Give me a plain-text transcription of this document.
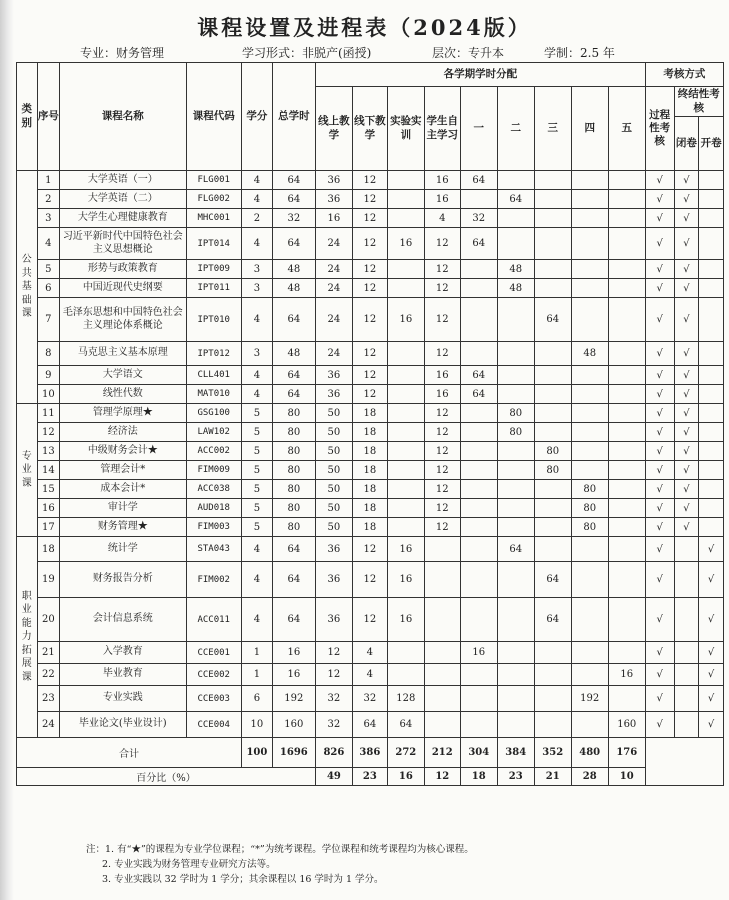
课程设置及进程表（2024版）
专业：财务管理	学习形式：非脱产(函授)	层次：专升本	学制：2.5 年
类别	序号	课程名称	课程代码	学分	总学时	各学期学时分配									考核方式		
						线上教学	线下教学	实验实训	学生自主学习	一	二	三	四	五	过程性考核	终结性考核	
																闭卷	开卷
公共基础课	1	大学英语（一）	FLG001	4	64	36	12		16	64					√	√	
	2	大学英语（二）	FLG002	4	64	36	12		16		64				√	√	
	3	大学生心理健康教育	MHC001	2	32	16	12		4	32					√	√	
	4	习近平新时代中国特色社会主义思想概论	IPT014	4	64	24	12	16	12	64					√	√	
	5	形势与政策教育	IPT009	3	48	24	12		12		48				√	√	
	6	中国近现代史纲要	IPT011	3	48	24	12		12		48				√	√	
	7	毛泽东思想和中国特色社会主义理论体系概论	IPT010	4	64	24	12	16	12			64			√	√	
	8	马克思主义基本原理	IPT012	3	48	24	12		12				48		√	√	
	9	大学语文	CLL401	4	64	36	12		16	64					√	√	
	10	线性代数	MAT010	4	64	36	12		16	64					√	√	
专业课	11	管理学原理★	GSG100	5	80	50	18		12		80				√	√	
	12	经济法	LAW102	5	80	50	18		12		80				√	√	
	13	中级财务会计★	ACC002	5	80	50	18		12			80			√	√	
	14	管理会计*	FIM009	5	80	50	18		12			80			√	√	
	15	成本会计*	ACC038	5	80	50	18		12				80		√	√	
	16	审计学	AUD018	5	80	50	18		12				80		√	√	
	17	财务管理★	FIM003	5	80	50	18		12				80		√	√	
职业能力拓展课	18	统计学	STA043	4	64	36	12	16			64				√		√
	19	财务报告分析	FIM002	4	64	36	12	16				64			√		√
	20	会计信息系统	ACC011	4	64	36	12	16				64			√		√
	21	入学教育	CCE001	1	16	12	4			16					√		√
	22	毕业教育	CCE002	1	16	12	4							16	√		√
	23	专业实践	CCE003	6	192	32	32	128					192		√		√
	24	毕业论文(毕业设计)	CCE004	10	160	32	64	64						160	√		√
合计				100	1696	826	386	272	212	304	384	352	480	176			
百分比（%）						49	23	16	12	18	23	21	28	10			
注：1. 有“★”的课程为专业学位课程；“*”为统考课程。学位课程和统考课程均为核心课程。
2. 专业实践为财务管理专业研究方法等。
3. 专业实践以 32 学时为 1 学分；其余课程以 16 学时为 1 学分。
